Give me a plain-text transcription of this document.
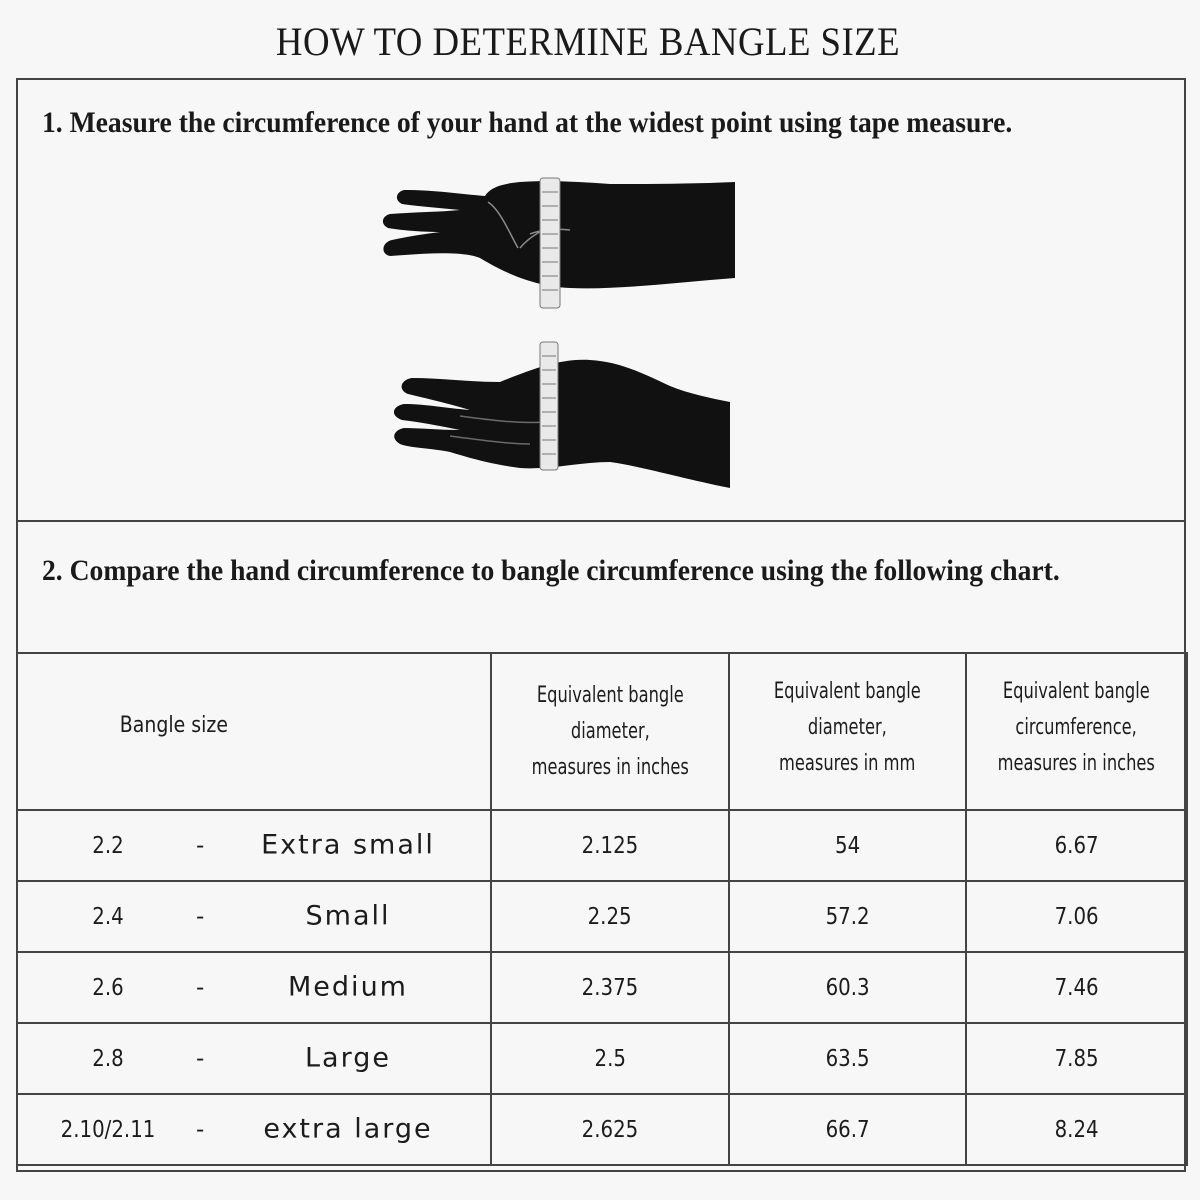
HOW TO DETERMINE BANGLE SIZE
1. Measure the circumference of your hand at the widest point using tape measure.
2. Compare the hand circumference to bangle circumference using the following chart.
Bangle size	Equivalent bangle
diameter,
measures in inches	Equivalent bangle
diameter,
measures in mm	Equivalent bangle
circumference,
measures in inches

2.2 - Extra small	2.125	54	6.67

2.4 - Small	2.25	57.2	7.06

2.6 - Medium	2.375	60.3	7.46

2.8 - Large	2.5	63.5	7.85

2.10/2.11 - extra large	2.625	66.7	8.24
